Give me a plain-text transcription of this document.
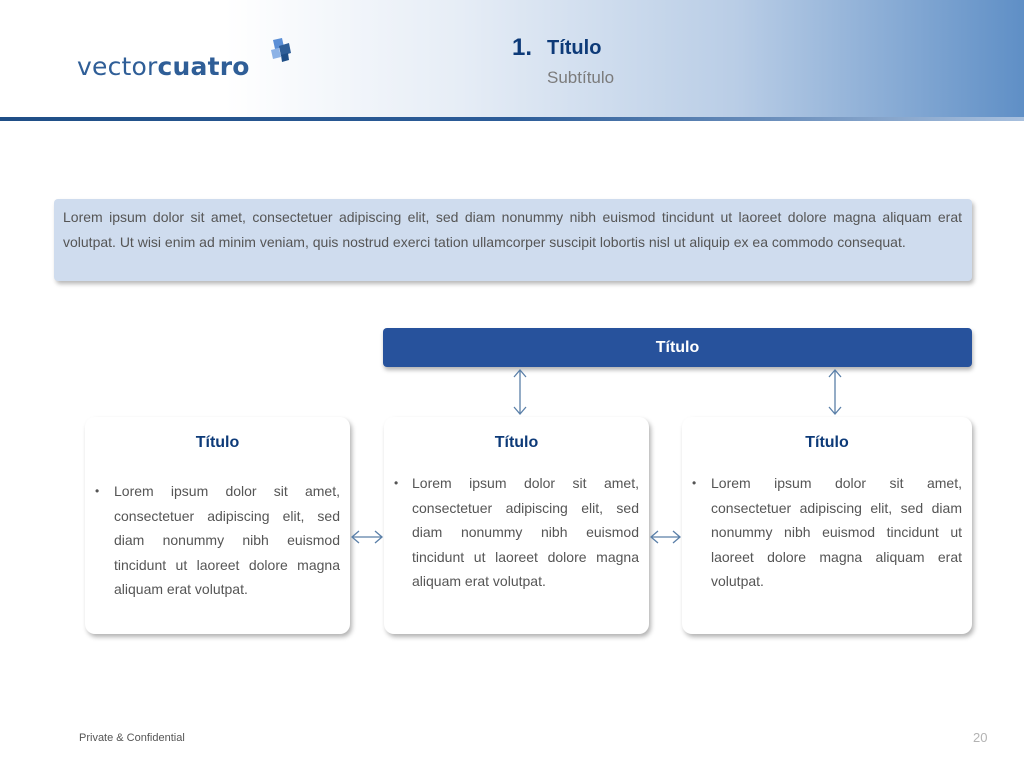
vectorcuatro
1. Título
Subtítulo
Lorem ipsum dolor sit amet, consectetuer adipiscing elit, sed diam nonummy nibh euismod tincidunt ut laoreet dolore magna aliquam erat volutpat. Ut wisi enim ad minim veniam, quis nostrud exerci tation ullamcorper suscipit lobortis nisl ut aliquip ex ea commodo consequat.
Título
Título
• Lorem ipsum dolor sit amet, consectetuer adipiscing elit, sed diam nonummy nibh euismod tincidunt ut laoreet dolore magna aliquam erat volutpat.
Título
• Lorem ipsum dolor sit amet, consectetuer adipiscing elit, sed diam nonummy nibh euismod tincidunt ut laoreet dolore magna aliquam erat volutpat.
Título
• Lorem ipsum dolor sit amet, consectetuer adipiscing elit, sed diam nonummy nibh euismod tincidunt ut laoreet dolore magna aliquam erat volutpat.
Private & Confidential	20
